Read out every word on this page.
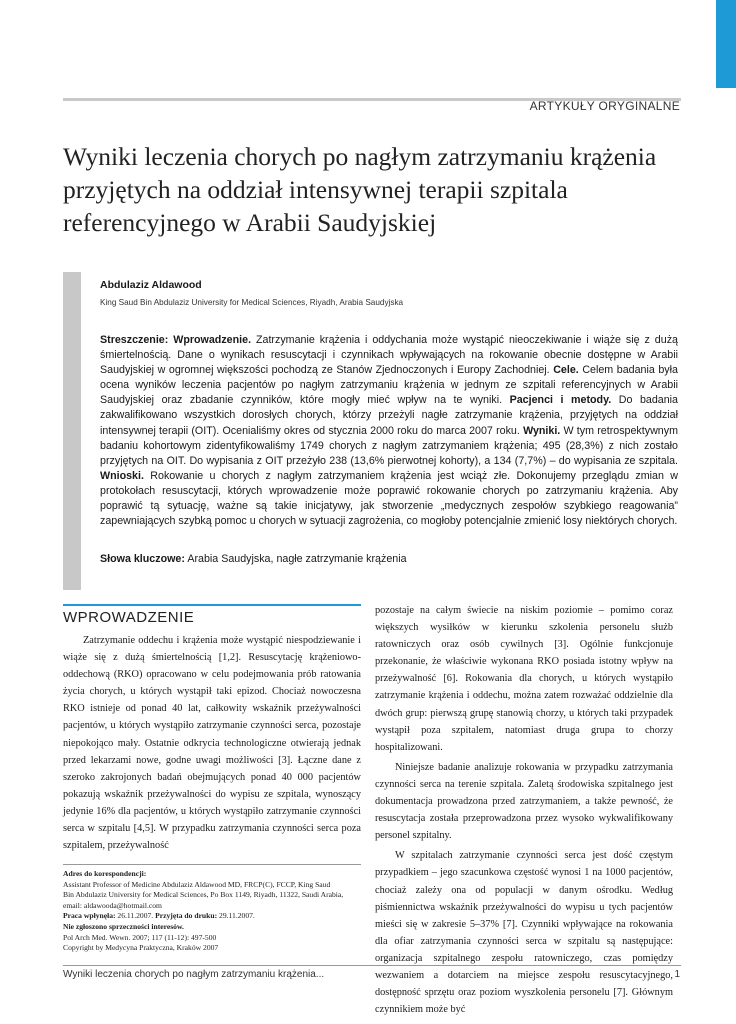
ARTYKUŁY ORYGINALNE
Wyniki leczenia chorych po nagłym zatrzymaniu krążenia przyjętych na oddział intensywnej terapii szpitala referencyjnego w Arabii Saudyjskiej
Abdulaziz Aldawood
King Saud Bin Abdulaziz University for Medical Sciences, Riyadh, Arabia Saudyjska
Streszczenie: Wprowadzenie. Zatrzymanie krążenia i oddychania może wystąpić nieoczekiwanie i wiąże się z dużą śmiertelnością. Dane o wynikach resuscytacji i czynnikach wpływających na rokowanie obecnie dostępne w Arabii Saudyjskiej w ogromnej większości pochodzą ze Stanów Zjednoczonych i Europy Zachodniej. Cele. Celem badania była ocena wyników leczenia pacjentów po nagłym zatrzymaniu krążenia w jednym ze szpitali referencyjnych w Arabii Saudyjskiej oraz zbadanie czynników, które mogły mieć wpływ na te wyniki. Pacjenci i metody. Do badania zakwalifikowano wszystkich dorosłych chorych, którzy przeżyli nagłe zatrzymanie krążenia, przyjętych na oddział intensywnej terapii (OIT). Ocenialiśmy okres od stycznia 2000 roku do marca 2007 roku. Wyniki. W tym retrospektywnym badaniu kohortowym zidentyfikowaliśmy 1749 chorych z nagłym zatrzymaniem krążenia; 495 (28,3%) z nich zostało przyjętych na OIT. Do wypisania z OIT przeżyło 238 (13,6% pierwotnej kohorty), a 134 (7,7%) – do wypisania ze szpitala. Wnioski. Rokowanie u chorych z nagłym zatrzymaniem krążenia jest wciąż złe. Dokonujemy przeglądu zmian w protokołach resuscytacji, których wprowadzenie może poprawić rokowanie chorych po zatrzymaniu krążenia. Aby poprawić tą sytuację, ważne są takie inicjatywy, jak stworzenie „medycznych zespołów szybkiego reagowania” zapewniających szybką pomoc u chorych w sytuacji zagrożenia, co mogłoby potencjalnie zmienić losy niektórych chorych.
Słowa kluczowe: Arabia Saudyjska, nagłe zatrzymanie krążenia
WPROWADZENIE

Zatrzymanie oddechu i krążenia może wystąpić niespodziewanie i wiąże się z dużą śmiertelnością [1,2]. Resuscytację krążeniowo-oddechową (RKO) opracowano w celu podejmowania prób ratowania życia chorych, u których wystąpił taki epizod. Chociaż nowoczesna RKO istnieje od ponad 40 lat, całkowity wskaźnik przeżywalności pacjentów, u których wystąpiło zatrzymanie czynności serca, pozostaje niepokojąco mały. Ostatnie odkrycia technologiczne otwierają jednak przed lekarzami nowe, godne uwagi możliwości [3]. Łączne dane z szeroko zakrojonych badań obejmujących ponad 40 000 pacjentów pokazują wskaźnik przeżywalności do wypisu ze szpitala, wynoszący jedynie 16% dla pacjentów, u których wystąpiło zatrzymanie czynności serca w szpitalu [4,5]. W przypadku zatrzymania czynności serca poza szpitalem, przeżywalność

pozostaje na całym świecie na niskim poziomie – pomimo coraz większych wysiłków w kierunku szkolenia personelu służb ratowniczych oraz osób cywilnych [3]. Ogólnie funkcjonuje przekonanie, że właściwie wykonana RKO posiada istotny wpływ na przeżywalność [6]. Rokowania dla chorych, u których wystąpiło zatrzymanie krążenia i oddechu, można zatem rozważać oddzielnie dla dwóch grup: pierwszą grupę stanowią chorzy, u których taki przypadek wystąpił poza szpitalem, natomiast druga grupa to chorzy hospitalizowani.

Niniejsze badanie analizuje rokowania w przypadku zatrzymania czynności serca na terenie szpitala. Zaletą środowiska szpitalnego jest dokumentacja prowadzona przed zatrzymaniem, a także pewność, że resuscytacja została przeprowadzona przez wysoko wykwalifikowany personel szpitalny.

W szpitalach zatrzymanie czynności serca jest dość częstym przypadkiem – jego szacunkowa częstość wynosi 1 na 1000 pacjentów, chociaż zależy ona od populacji w danym ośrodku. Według piśmiennictwa wskaźnik przeżywalności do wypisu u tych pacjentów mieści się w zakresie 5–37% [7]. Czynniki wpływające na rokowania dla ofiar zatrzymania czynności serca w szpitalu są następujące: organizacja szpitalnego zespołu ratowniczego, czas pomiędzy wezwaniem a dotarciem na miejsce zespołu resuscytacyjnego, dostępność sprzętu oraz poziom wyszkolenia personelu [7]. Głównym czynnikiem może być

Adres do korespondencji:
Assistant Professor of Medicine Abdulaziz Aldawood MD, FRCP(C), FCCP, King Saud
Bin Abdulaziz University for Medical Sciences, Po Box 1149, Riyadh, 11322, Saudi Arabia,
email: aldawooda@hotmail.com
Praca wpłynęła: 26.11.2007. Przyjęta do druku: 29.11.2007.
Nie zgłoszono sprzeczności interesów.
Pol Arch Med. Wewn. 2007; 117 (11-12): 497-500
Copyright by Medycyna Praktyczna, Kraków 2007
Wyniki leczenia chorych po nagłym zatrzymaniu krążenia...	1
